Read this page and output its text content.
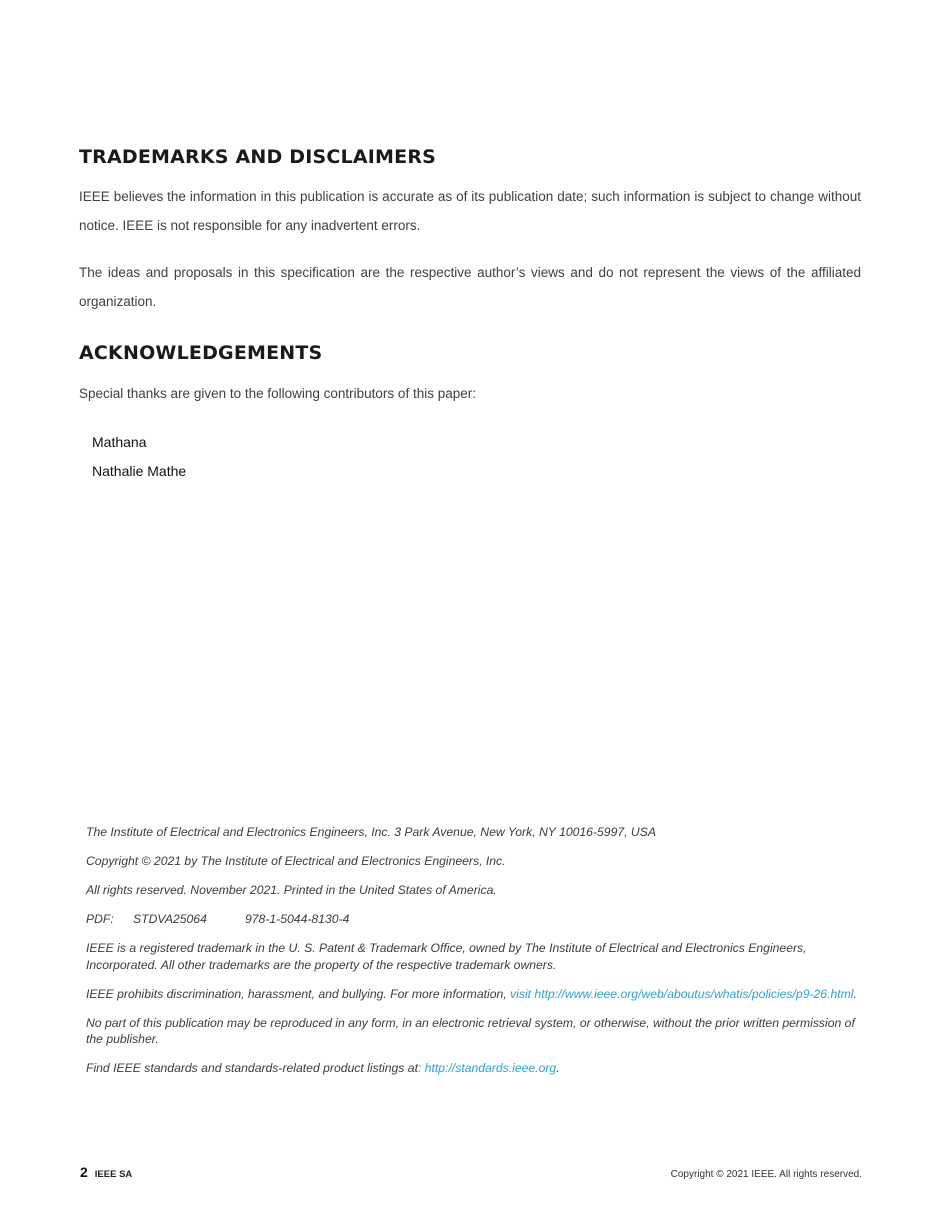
TRADEMARKS AND DISCLAIMERS

IEEE believes the information in this publication is accurate as of its publication date; such information is subject to change without notice. IEEE is not responsible for any inadvertent errors.

The ideas and proposals in this specification are the respective author’s views and do not represent the views of the affiliated organization.

ACKNOWLEDGEMENTS

Special thanks are given to the following contributors of this paper:

Mathana
Nathalie Mathe

The Institute of Electrical and Electronics Engineers, Inc. 3 Park Avenue, New York, NY 10016-5997, USA

Copyright © 2021 by The Institute of Electrical and Electronics Engineers, Inc.

All rights reserved. November 2021. Printed in the United States of America.

PDF: STDVA25064	978-1-5044-8130-4

IEEE is a registered trademark in the U. S. Patent & Trademark Office, owned by The Institute of Electrical and Electronics Engineers, Incorporated. All other trademarks are the property of the respective trademark owners.

IEEE prohibits discrimination, harassment, and bullying. For more information, visit http://www.ieee.org/web/aboutus/whatis/policies/p9-26.html.

No part of this publication may be reproduced in any form, in an electronic retrieval system, or otherwise, without the prior written permission of the publisher.

Find IEEE standards and standards-related product listings at: http://standards.ieee.org.

2 IEEE SA	Copyright © 2021 IEEE. All rights reserved.
